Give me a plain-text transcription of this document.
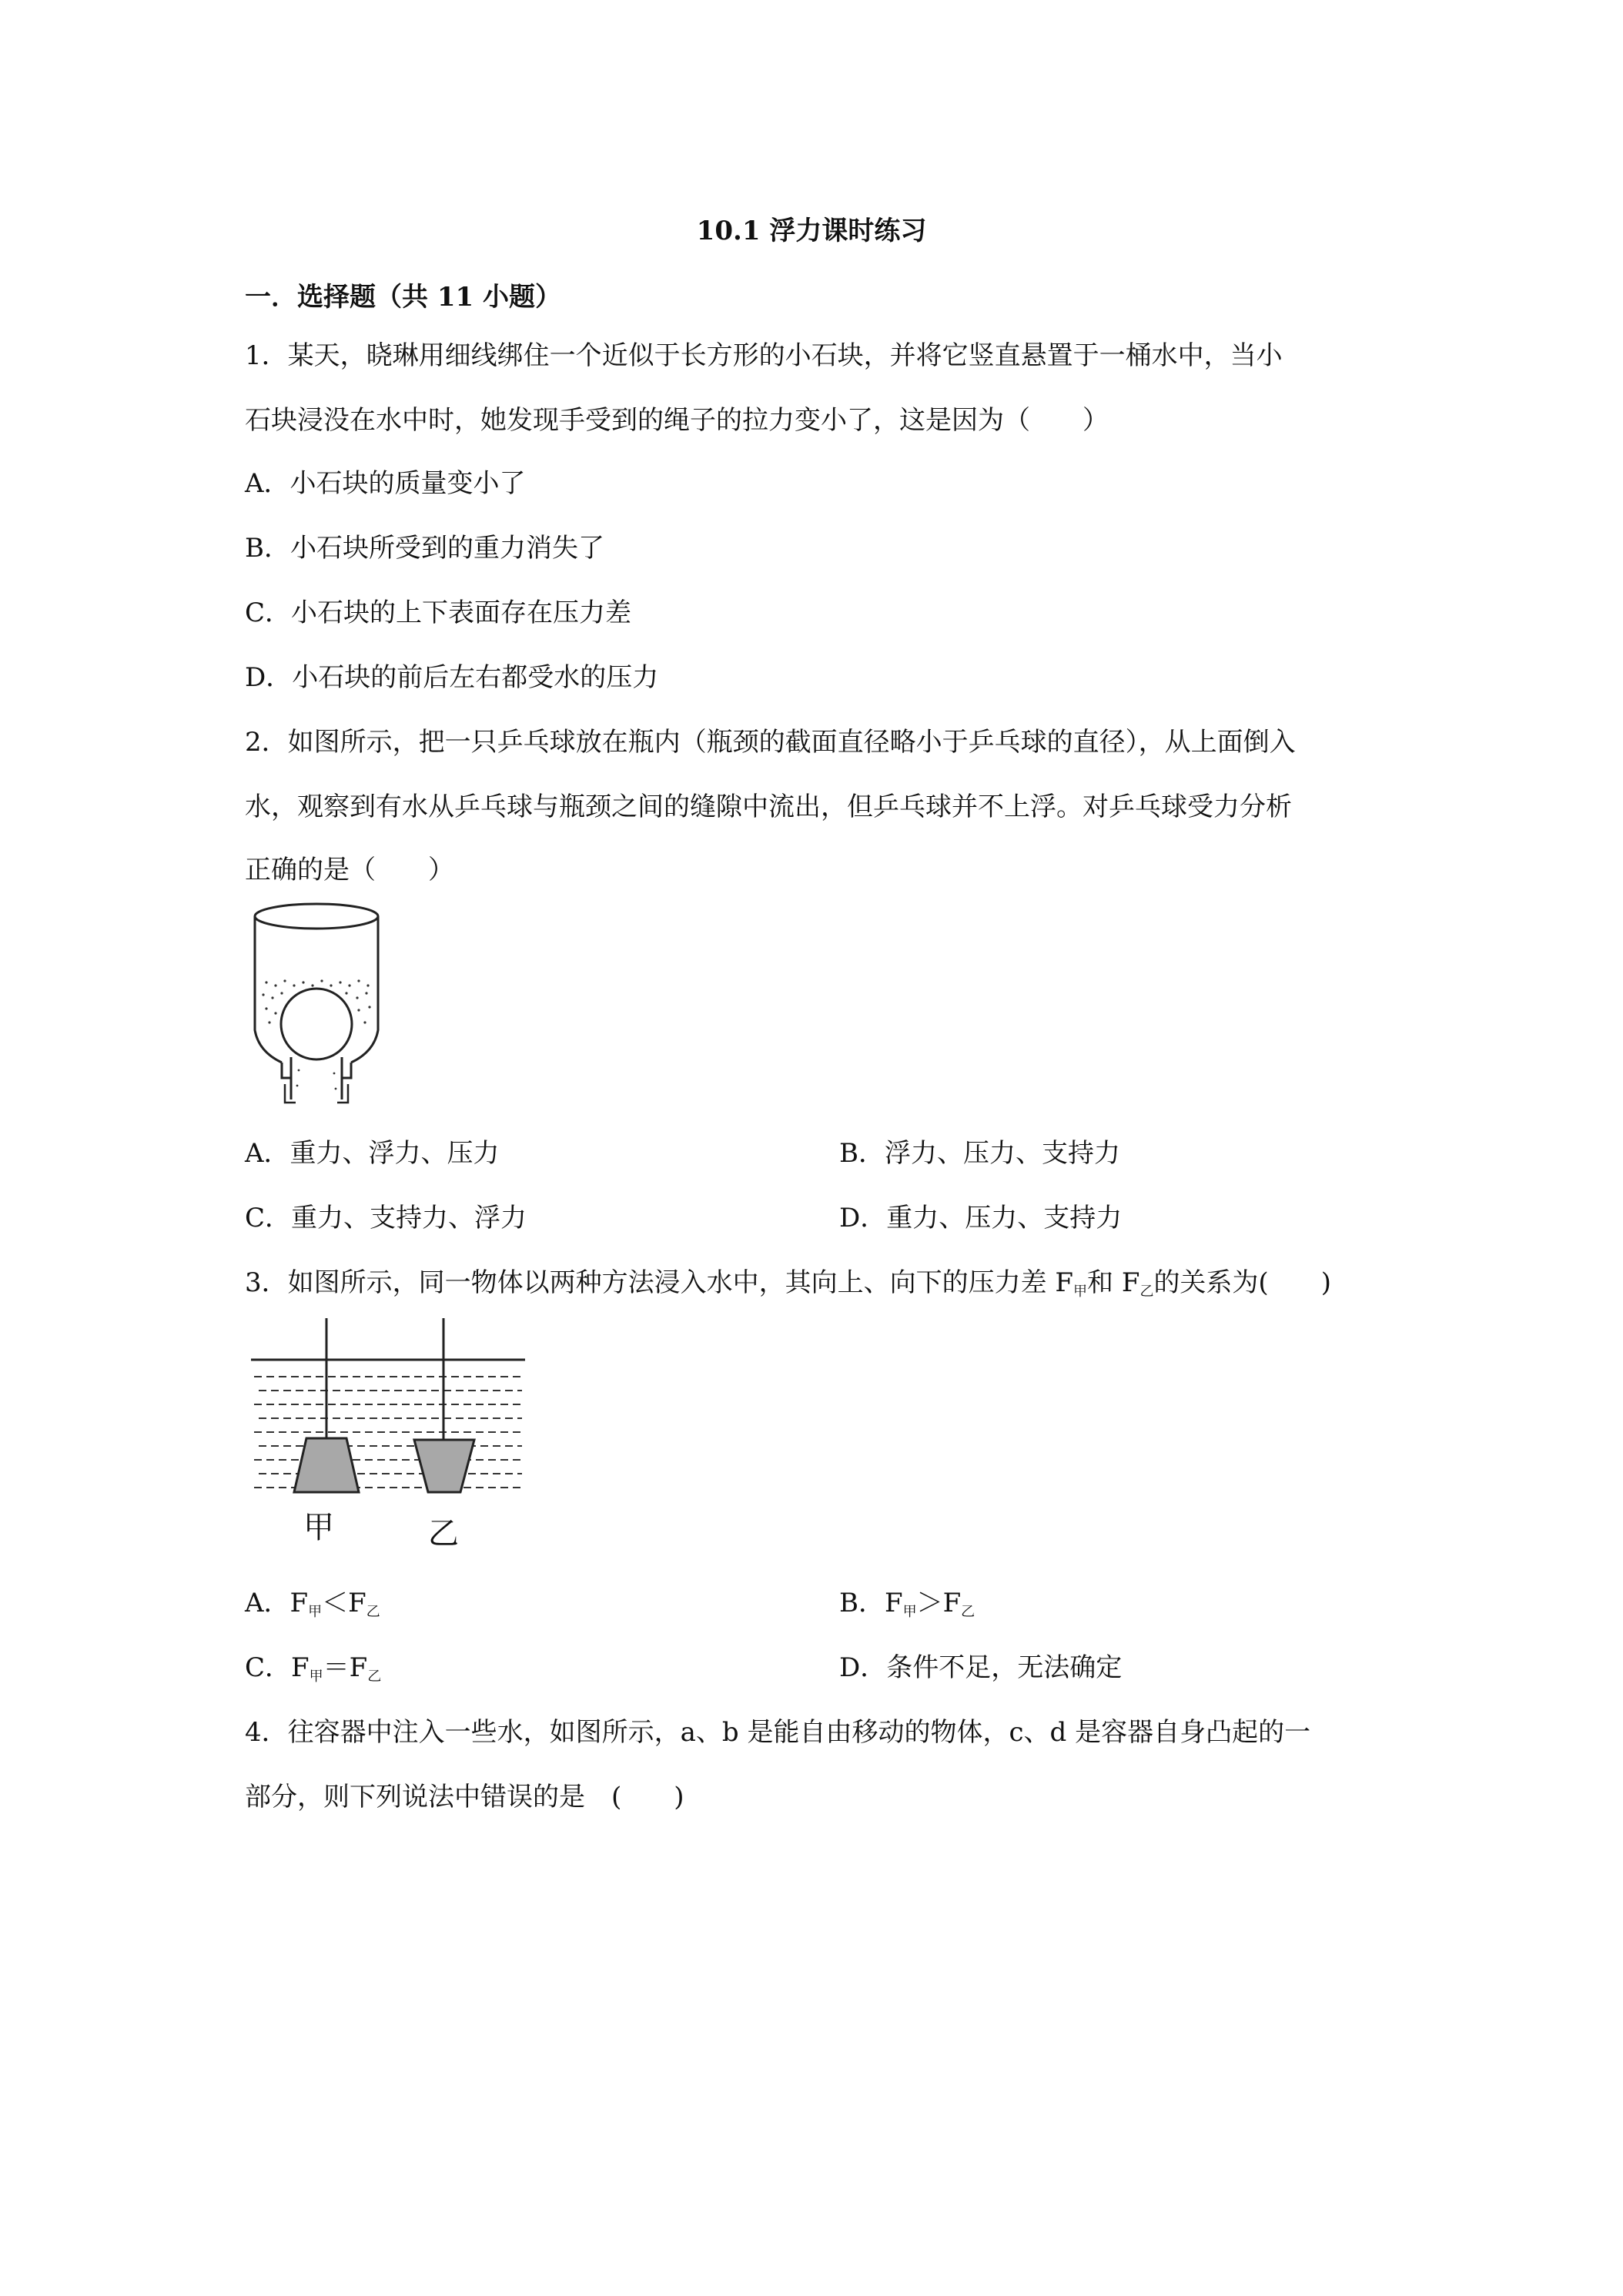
10.1 浮力课时练习
一．选择题（共 11 小题）
1．某天，晓琳用细线绑住一个近似于长方形的小石块，并将它竖直悬置于一桶水中，当小
石块浸没在水中时，她发现手受到的绳子的拉力变小了，这是因为（　　）
A．小石块的质量变小了
B．小石块所受到的重力消失了
C．小石块的上下表面存在压力差
D．小石块的前后左右都受水的压力
2．如图所示，把一只乒乓球放在瓶内（瓶颈的截面直径略小于乒乓球的直径），从上面倒入
水，观察到有水从乒乓球与瓶颈之间的缝隙中流出，但乒乓球并不上浮。对乒乓球受力分析
正确的是（　　）
A．重力、浮力、压力	B．浮力、压力、支持力
C．重力、支持力、浮力	D．重力、压力、支持力
3．如图所示，同一物体以两种方法浸入水中，其向上、向下的压力差 $F_甲$和 $F_乙$的关系为(　　)
甲	乙
A．$F_甲<F_乙$	B．$F_甲>F_乙$
C．$F_甲=F_乙$	D．条件不足，无法确定
4．往容器中注入一些水，如图所示，a、b 是能自由移动的物体，c、d 是容器自身凸起的一
部分，则下列说法中错误的是　(　　)
